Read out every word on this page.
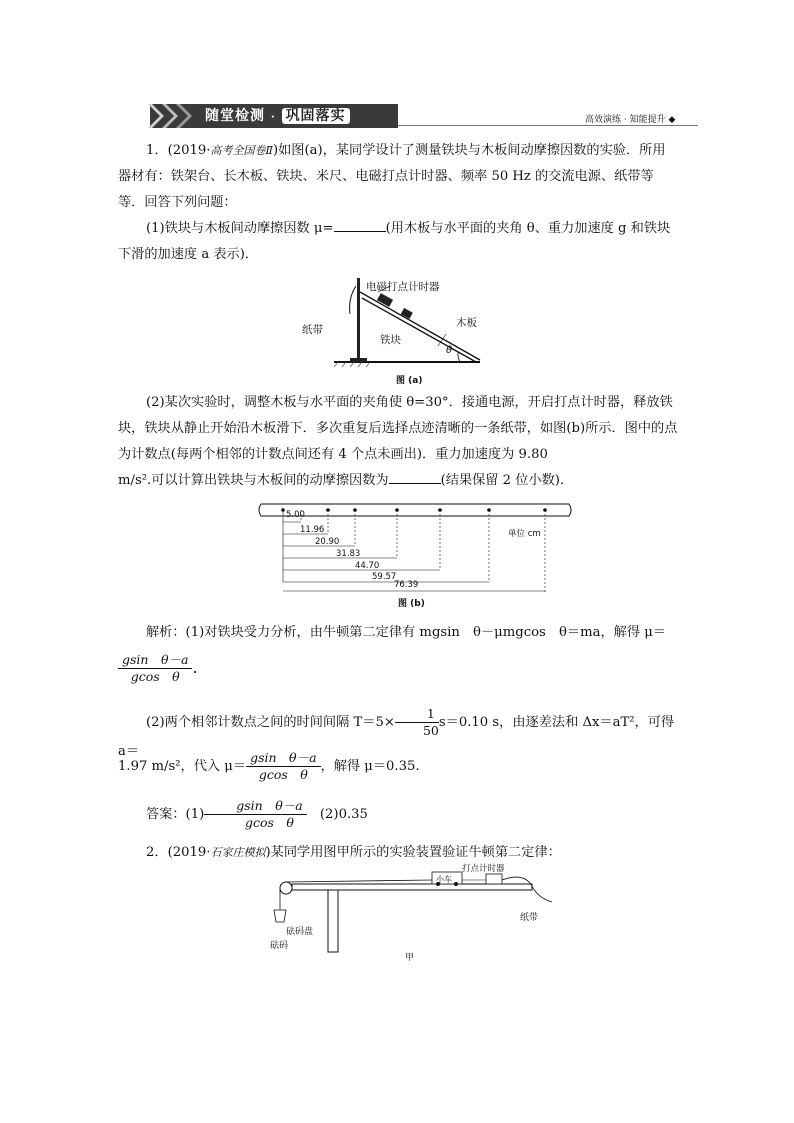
随堂检测 · 巩固落实	高效演练 · 知能提升 ◆
1．(2019·高考全国卷Ⅱ)如图(a)，某同学设计了测量铁块与木板间动摩擦因数的实验．所用器材有：铁架台、长木板、铁块、米尺、电磁打点计时器、频率 50 Hz 的交流电源、纸带等等．回答下列问题：
(1)铁块与木板间动摩擦因数 μ=	(用木板与水平面的夹角 θ、重力加速度 g 和铁块下滑的加速度 a 表示)．
电磁打点计时器
纸带
铁块
木板
θ
图 (a)
(2)某次实验时，调整木板与水平面的夹角使 θ=30°．接通电源，开启打点计时器，释放铁块，铁块从静止开始沿木板滑下．多次重复后选择点迹清晰的一条纸带，如图(b)所示．图中的点为计数点(每两个相邻的计数点间还有 4 个点未画出)．重力加速度为 9.80
m/s².可以计算出铁块与木板间的动摩擦因数为	(结果保留 2 位小数)．
5.00
11.96
20.90
31.83
44.70
59.57
76.39
单位 cm
图 (b)
解析：(1)对铁块受力分析，由牛顿第二定律有 mgsin　θ－μmgcos　θ＝ma，解得 μ＝
$\frac{\text{gsin　θ－a}}{\text{gcos　θ}}$ .
(2)两个相邻计数点之间的时间间隔 $T=5\times \frac{1}{50} s=0.10$ s，由逐差法和 Δx＝aT²，可得 a＝
1.97 m/s²，代入 $\mu= \frac{\text{gsin　θ－a}}{\text{gcos　θ}}$ ，解得 μ＝0.35.
答案：$(1) \frac{\text{gsin　θ－a}}{\text{gcos　θ}}$
　 (2)0.35
2．(2019·石家庄模拟)某同学用图甲所示的实验装置验证牛顿第二定律：
小车
打点计时器
纸带
砝码盘
砝码
甲
